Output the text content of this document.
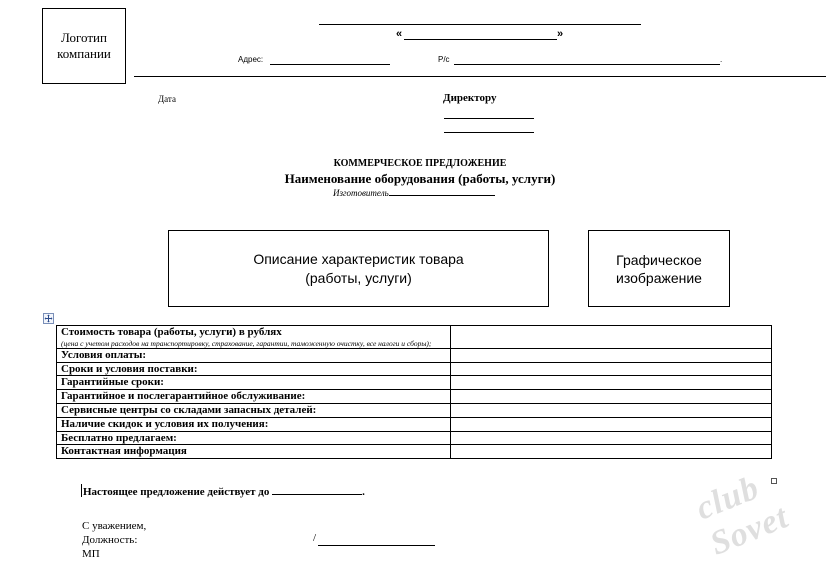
Логотип компании
«	»
Адрес:	Р/с	.
Дата	Директору
КОММЕРЧЕСКОЕ ПРЕДЛОЖЕНИЕ
Наименование оборудования (работы, услуги)
Изготовитель
Описание характеристик товара (работы, услуги)
Графическое изображение
Стоимость товара (работы, услуги) в рублях
(цена с учетом расходов на транспортировку, страхование, гарантии, таможенную очистку, все налоги и сборы);	

Условия оплаты:	
Сроки и условия поставки:	
Гарантийные сроки:	
Гарантийное и послегарантийное обслуживание:	
Сервисные центры со складами запасных деталей:	
Наличие скидок и условия их получения:	
Бесплатно предлагаем:	
Контактная информация	
Настоящее предложение действует до	.
С уважением,
Должность:	/
МП
club Sovet
